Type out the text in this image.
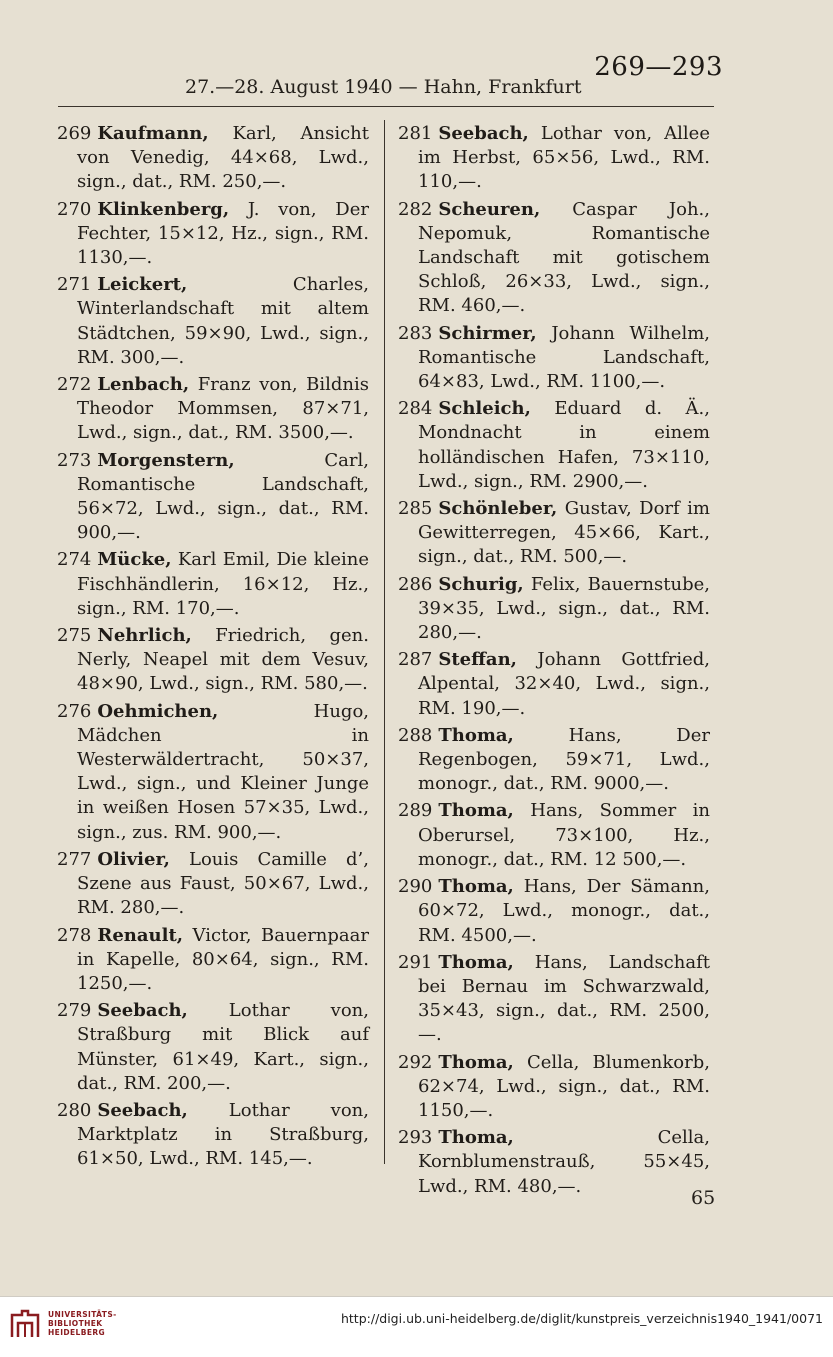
269—293
27.—28. August 1940 — Hahn, Frankfurt

269 Kaufmann, Karl, Ansicht von Venedig, 44×68, Lwd., sign., dat., RM. 250,—.

270 Klinkenberg, J. von, Der Fechter, 15×12, Hz., sign., RM. 1130,—.

271 Leickert,	Charles, Winterlandschaft mit altem Städtchen, 59×90, Lwd., sign., RM. 300,—.

272 Lenbach, Franz von, Bildnis Theodor Mommsen, 87×71, Lwd., sign., dat., RM. 3500,—.

273 Morgenstern,	Carl, Romantische Landschaft, 56×72, Lwd., sign., dat., RM. 900,—.

274 Mücke, Karl Emil, Die kleine Fischhändlerin, 16×12, Hz., sign., RM. 170,—.

275 Nehrlich, Friedrich, gen. Nerly, Neapel mit dem Vesuv, 48×90, Lwd., sign., RM. 580,—.

276 Oehmichen,	Hugo, Mädchen in Westerwäldertracht, 50×37, Lwd., sign., und Kleiner Junge in weißen Hosen 57×35, Lwd., sign., zus. RM. 900,—.

277 Olivier, Louis Camille d’, Szene aus Faust, 50×67, Lwd., RM. 280,—.

278 Renault, Victor, Bauernpaar in Kapelle, 80×64, sign., RM. 1250,—.

279 Seebach, Lothar von, Straßburg mit Blick auf Münster, 61×49, Kart., sign., dat., RM. 200,—.

280 Seebach, Lothar von, Marktplatz in Straßburg, 61×50, Lwd., RM. 145,—.

281 Seebach, Lothar von, Allee im Herbst, 65×56, Lwd., RM. 110,—.

282 Scheuren, Caspar Joh., Nepomuk, Romantische Landschaft mit gotischem Schloß, 26×33, Lwd., sign., RM. 460,—.

283 Schirmer, Johann Wilhelm, Romantische Landschaft, 64×83, Lwd., RM. 1100,—.

284 Schleich, Eduard d. Ä., Mondnacht in einem holländischen Hafen, 73×110, Lwd., sign., RM. 2900,—.

285 Schönleber, Gustav, Dorf im Gewitterregen, 45×66, Kart., sign., dat., RM. 500,—.

286 Schurig, Felix, Bauernstube, 39×35, Lwd., sign., dat., RM. 280,—.

287 Steffan, Johann Gottfried, Alpental, 32×40, Lwd., sign., RM. 190,—.

288 Thoma,	Hans, Der Regenbogen, 59×71, Lwd., monogr., dat., RM. 9000,—.

289 Thoma, Hans, Sommer in Oberursel, 73×100, Hz., monogr., dat., RM. 12 500,—.

290 Thoma, Hans, Der Sämann, 60×72, Lwd., monogr., dat., RM. 4500,—.

291 Thoma, Hans, Landschaft bei Bernau im Schwarzwald, 35×43, sign., dat., RM. 2500,—.

292 Thoma, Cella, Blumenkorb, 62×74, Lwd., sign., dat., RM. 1150,—.

293 Thoma,	Cella, Kornblumenstrauß, 55×45, Lwd., RM. 480,—.

65
UNIVERSITÄTS-
BIBLIOTHEK
HEIDELBERG
http://digi.ub.uni-heidelberg.de/diglit/kunstpreis_verzeichnis1940_1941/0071
